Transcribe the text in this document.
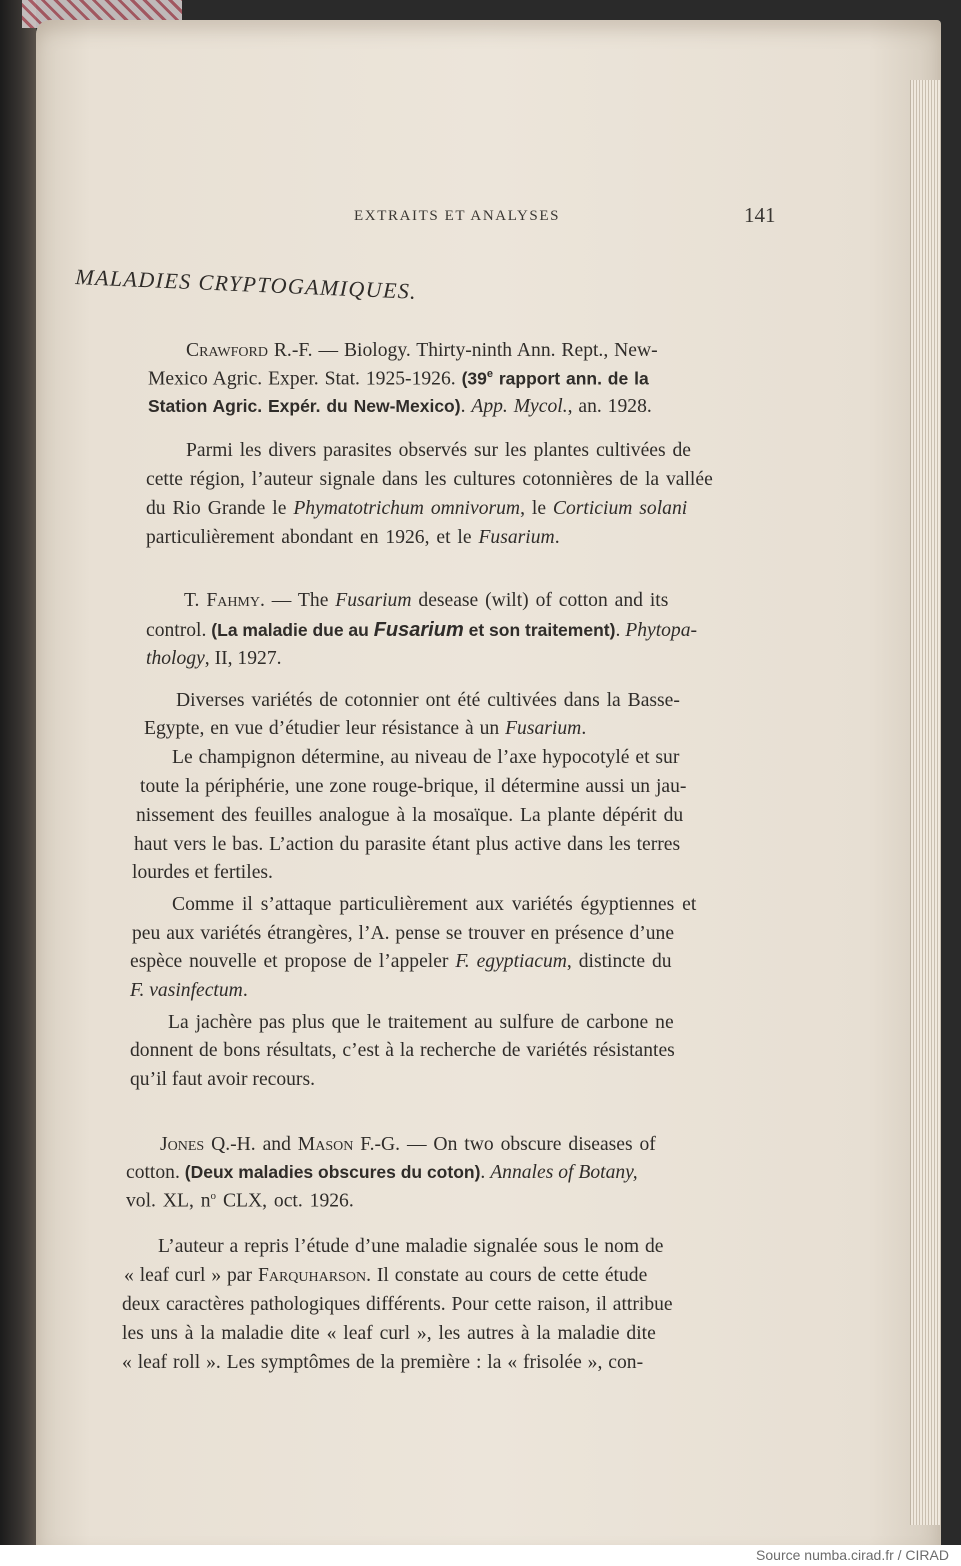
EXTRAITS ET ANALYSES	141
MALADIES CRYPTOGAMIQUES.
Crawford R.-F. — Biology. Thirty-ninth Ann. Rept., New-
Mexico Agric. Exper. Stat. 1925-1926. (39e rapport ann. de la
Station Agric. Expér. du New-Mexico). App. Mycol., an. 1928.
Parmi les divers parasites observés sur les plantes cultivées de
cette région, l’auteur signale dans les cultures cotonnières de la vallée
du Rio Grande le Phymatotrichum omnivorum, le Corticium solani
particulièrement abondant en 1926, et le Fusarium.
T. Fahmy. — The Fusarium desease (wilt) of cotton and its
control. (La maladie due au Fusarium et son traitement). Phytopa-
thology, II, 1927.
Diverses variétés de cotonnier ont été cultivées dans la Basse-
Egypte, en vue d’étudier leur résistance à un Fusarium.
Le champignon détermine, au niveau de l’axe hypocotylé et sur
toute la périphérie, une zone rouge-brique, il détermine aussi un jau-
nissement des feuilles analogue à la mosaïque. La plante dépérit du
haut vers le bas. L’action du parasite étant plus active dans les terres
lourdes et fertiles.
Comme il s’attaque particulièrement aux variétés égyptiennes et
peu aux variétés étrangères, l’A. pense se trouver en présence d’une
espèce nouvelle et propose de l’appeler F. egyptiacum, distincte du
F. vasinfectum.
La jachère pas plus que le traitement au sulfure de carbone ne
donnent de bons résultats, c’est à la recherche de variétés résistantes
qu’il faut avoir recours.
Jones Q.-H. and Mason F.-G. — On two obscure diseases of
cotton. (Deux maladies obscures du coton). Annales of Botany,
vol. XL, $n^o$ CLX, oct. 1926.
L’auteur a repris l’étude d’une maladie signalée sous le nom de
« leaf curl » par Farquharson. Il constate au cours de cette étude
deux caractères pathologiques différents. Pour cette raison, il attribue
les uns à la maladie dite « leaf curl », les autres à la maladie dite
« leaf roll ». Les symptômes de la première : la « frisolée », con-
Source numba.cirad.fr / CIRAD
